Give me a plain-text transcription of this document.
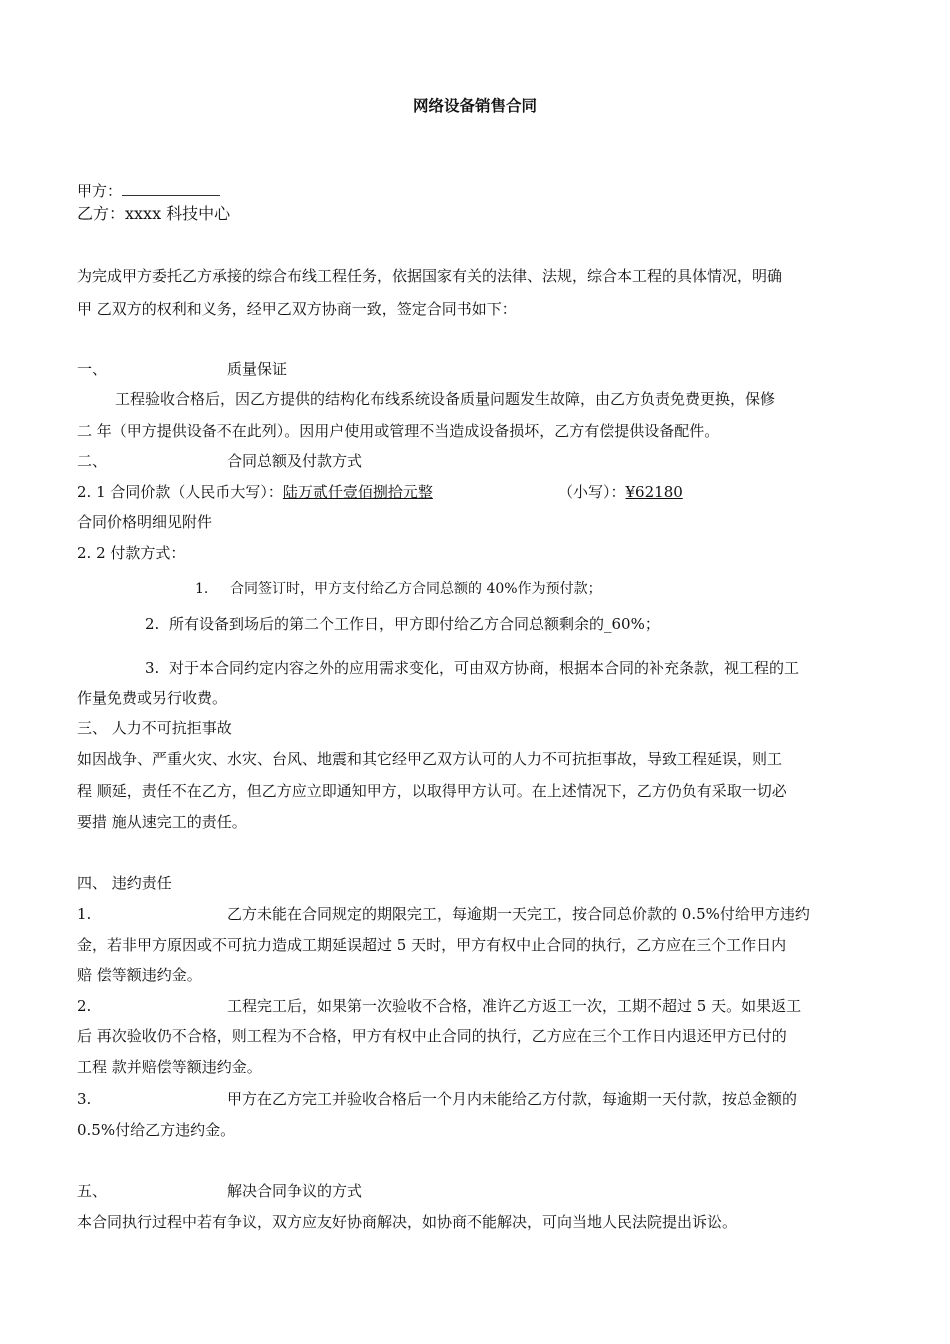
网络设备销售合同
甲方：
乙方：xxxx 科技中心
为完成甲方委托乙方承接的综合布线工程任务，依据国家有关的法律、法规，综合本工程的具体情况，明确
甲 乙双方的权利和义务，经甲乙双方协商一致，签定合同书如下：
一、	质量保证
工程验收合格后，因乙方提供的结构化布线系统设备质量问题发生故障，由乙方负责免费更换，保修
二 年（甲方提供设备不在此列）。因用户使用或管理不当造成设备损坏，乙方有偿提供设备配件。
二、	合同总额及付款方式
2. 1 合同价款（人民币大写）：陆万贰仟壹佰捌拾元整	（小写）：¥62180
合同价格明细见附件
2. 2 付款方式：
1. 合同签订时，甲方支付给乙方合同总额的 40%作为预付款；
2. 所有设备到场后的第二个工作日，甲方即付给乙方合同总额剩余的_60%；
3. 对于本合同约定内容之外的应用需求变化，可由双方协商，根据本合同的补充条款，视工程的工
作量免费或另行收费。
三、 人力不可抗拒事故
如因战争、严重火灾、水灾、台风、地震和其它经甲乙双方认可的人力不可抗拒事故，导致工程延误，则工
程 顺延，责任不在乙方，但乙方应立即通知甲方，以取得甲方认可。在上述情况下，乙方仍负有采取一切必
要措 施从速完工的责任。
四、 违约责任
1.	乙方未能在合同规定的期限完工，每逾期一天完工，按合同总价款的 0.5%付给甲方违约
金，若非甲方原因或不可抗力造成工期延误超过 5 天时，甲方有权中止合同的执行，乙方应在三个工作日内
赔 偿等额违约金。
2.	工程完工后，如果第一次验收不合格，准许乙方返工一次，工期不超过 5 天。如果返工
后 再次验收仍不合格，则工程为不合格，甲方有权中止合同的执行，乙方应在三个工作日内退还甲方已付的
工程 款并赔偿等额违约金。
3.	甲方在乙方完工并验收合格后一个月内未能给乙方付款，每逾期一天付款，按总金额的
0.5%付给乙方违约金。
五、	解决合同争议的方式
本合同执行过程中若有争议，双方应友好协商解决，如协商不能解决，可向当地人民法院提出诉讼。
